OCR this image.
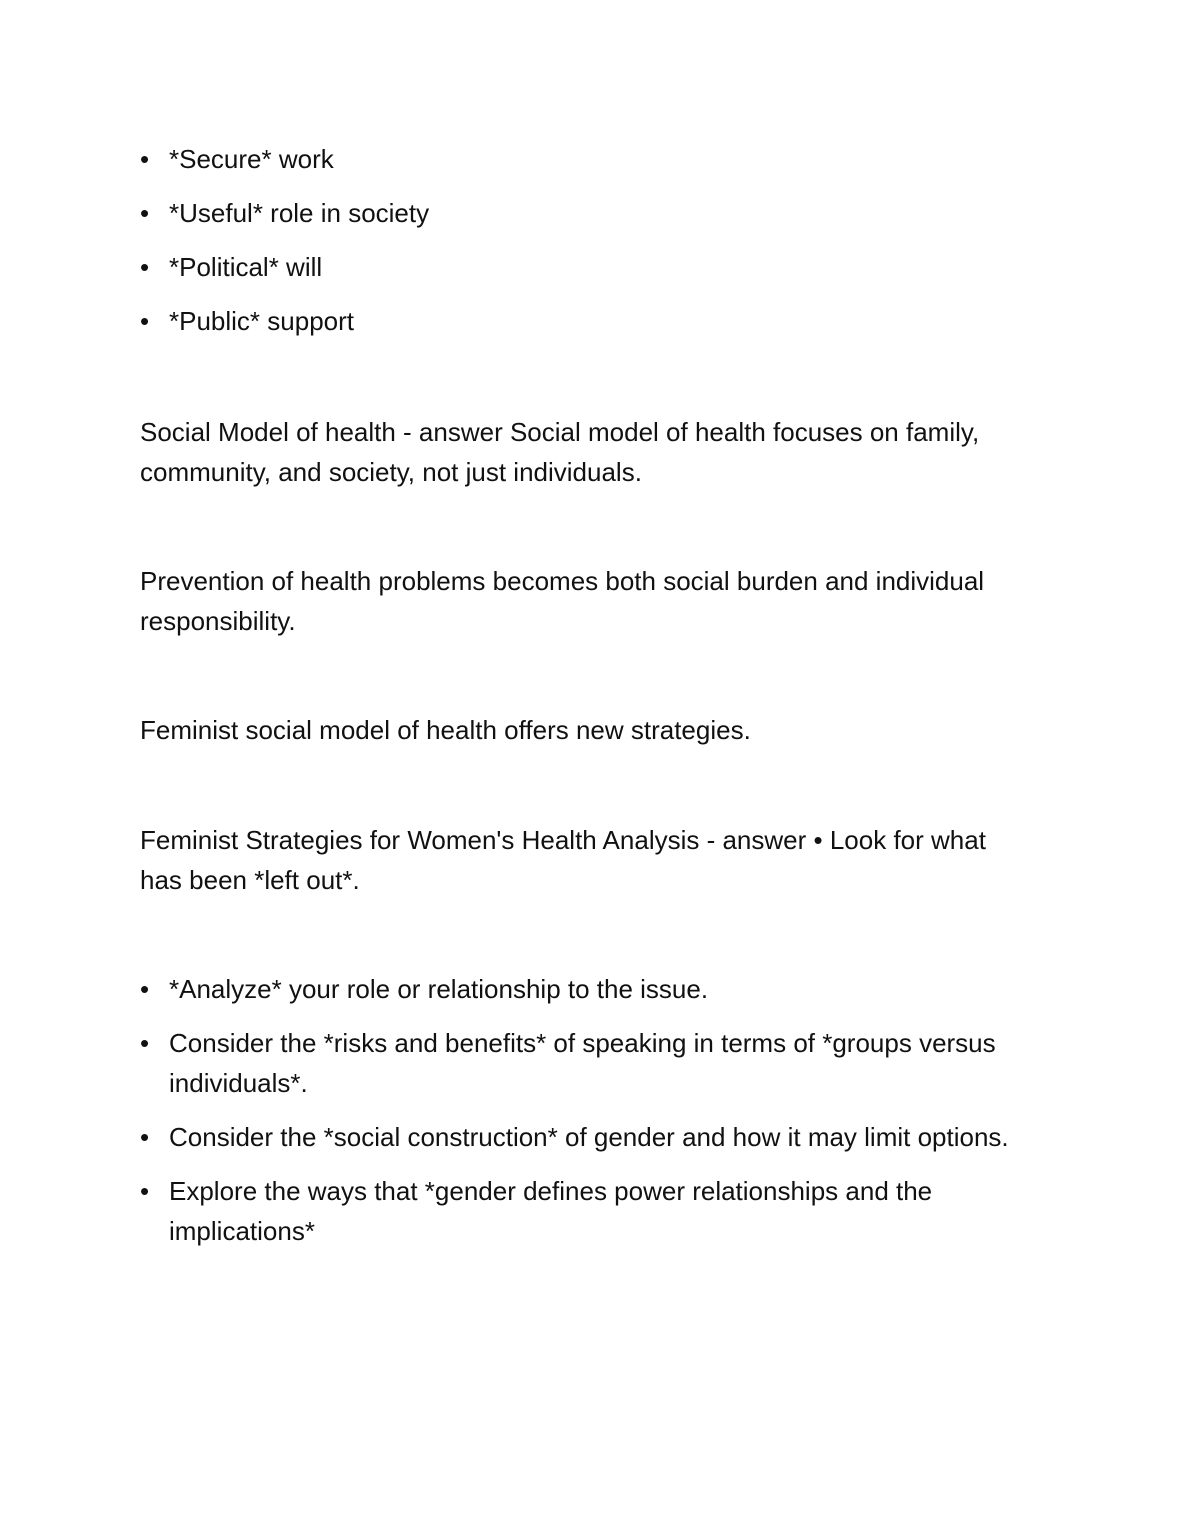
• *Secure* work
• *Useful* role in society
• *Political* will
• *Public* support

Social Model of health - answer Social model of health focuses on family, community, and society, not just individuals.

Prevention of health problems becomes both social burden and individual responsibility.

Feminist social model of health offers new strategies.

Feminist Strategies for Women's Health Analysis - answer • Look for what has been *left out*.

• *Analyze* your role or relationship to the issue.
• Consider the *risks and benefits* of speaking in terms of *groups versus individuals*.
• Consider the *social construction* of gender and how it may limit options.
• Explore the ways that *gender defines power relationships and the implications*
